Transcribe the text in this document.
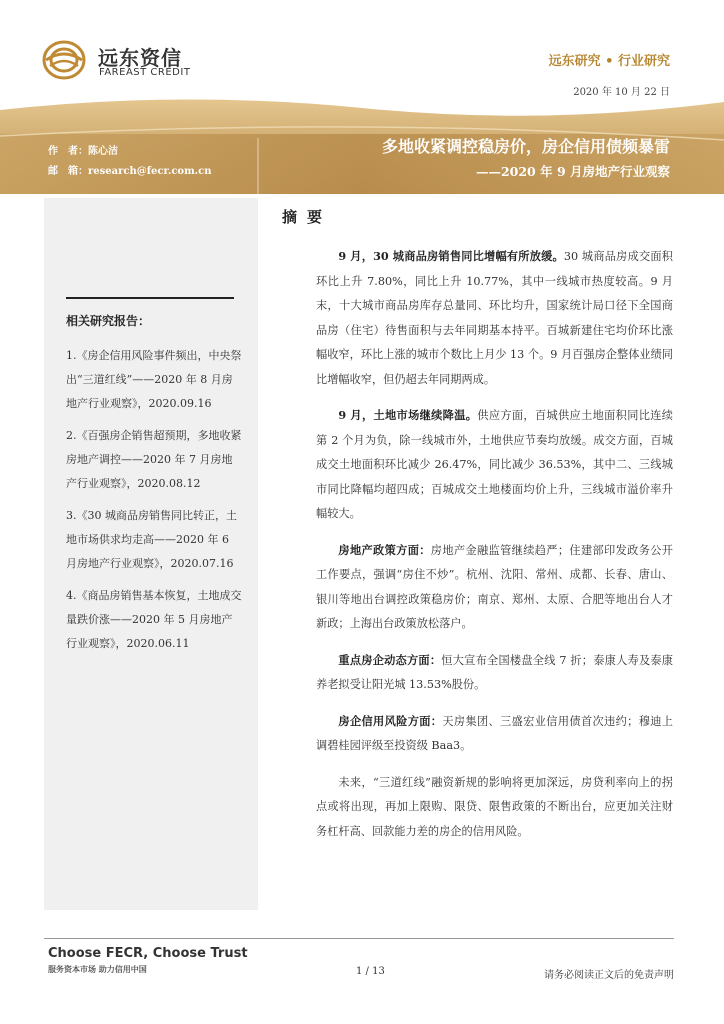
远东资信
FAREAST CREDIT
远东研究 • 行业研究
2020 年 10 月 22 日
作　者：陈心洁
邮　箱：research@fecr.com.cn
多地收紧调控稳房价，房企信用债频暴雷
——2020 年 9 月房地产行业观察
相关研究报告：
1.《房企信用风险事件频出，中央祭出“三道红线”——2020 年 8 月房地产行业观察》，2020.09.16
2.《百强房企销售超预期，多地收紧房地产调控——2020 年 7 月房地产行业观察》，2020.08.12
3.《30 城商品房销售同比转正，土地市场供求均走高——2020 年 6 月房地产行业观察》，2020.07.16
4.《商品房销售基本恢复，土地成交量跌价涨——2020 年 5 月房地产行业观察》，2020.06.11
摘要

9 月，30 城商品房销售同比增幅有所放缓。30 城商品房成交面积环比上升 7.80%，同比上升 10.77%，其中一线城市热度较高。9 月末，十大城市商品房库存总量同、环比均升，国家统计局口径下全国商品房（住宅）待售面积与去年同期基本持平。百城新建住宅均价环比涨幅收窄，环比上涨的城市个数比上月少 13 个。9 月百强房企整体业绩同比增幅收窄，但仍超去年同期两成。

9 月，土地市场继续降温。供应方面，百城供应土地面积同比连续第 2 个月为负，除一线城市外，土地供应节奏均放缓。成交方面，百城成交土地面积环比减少 26.47%，同比减少 36.53%，其中二、三线城市同比降幅均超四成；百城成交土地楼面均价上升，三线城市溢价率升幅较大。

房地产政策方面：房地产金融监管继续趋严；住建部印发政务公开工作要点，强调“房住不炒”。杭州、沈阳、常州、成都、长春、唐山、银川等地出台调控政策稳房价；南京、郑州、太原、合肥等地出台人才新政；上海出台政策放松落户。

重点房企动态方面：恒大宣布全国楼盘全线 7 折；泰康人寿及泰康养老拟受让阳光城 13.53%股份。

房企信用风险方面：天房集团、三盛宏业信用债首次违约；穆迪上调碧桂园评级至投资级 Baa3。

未来，“三道红线”融资新规的影响将更加深远，房贷利率向上的拐点或将出现，再加上限购、限贷、限售政策的不断出台，应更加关注财务杠杆高、回款能力差的房企的信用风险。

Choose FECR, Choose Trust
服务资本市场 助力信用中国	1 / 13	请务必阅读正文后的免责声明
